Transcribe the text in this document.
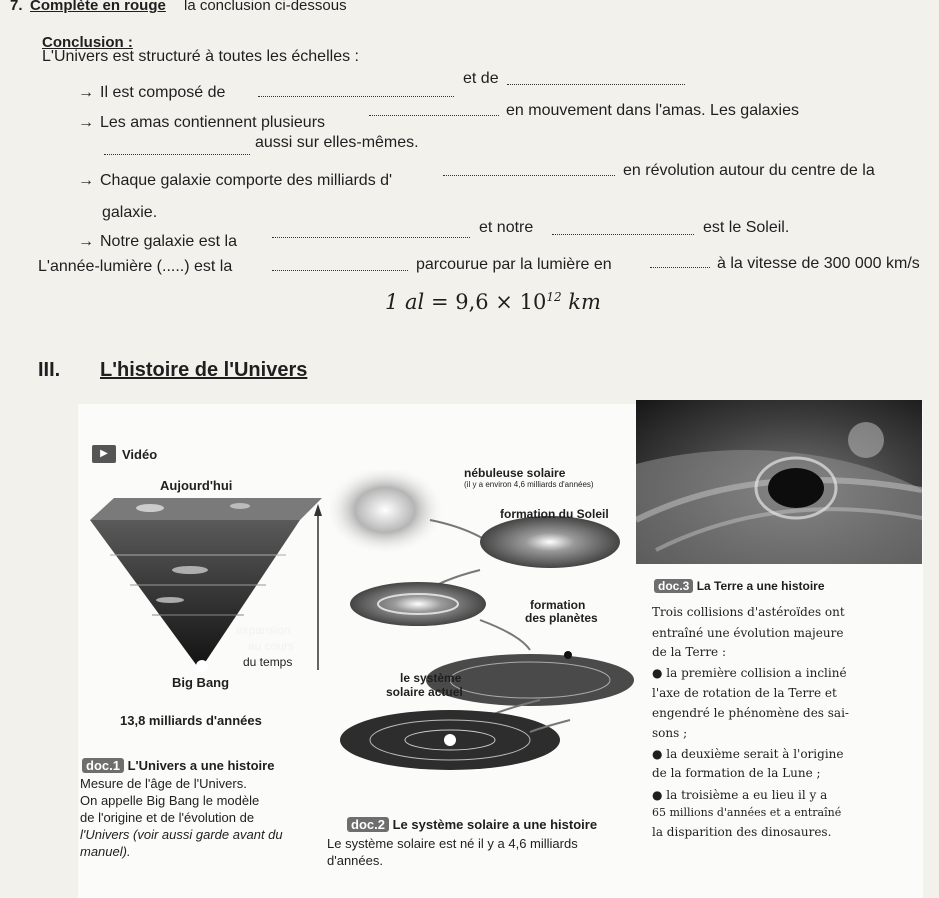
7. Complète en rouge la conclusion ci-dessous
Conclusion :
L'Univers est structuré à toutes les échelles :
→ Il est composé de
et de
→ Les amas contiennent plusieurs
en mouvement dans l'amas. Les galaxies
aussi sur elles-mêmes.
→ Chaque galaxie comporte des milliards d'
en révolution autour du centre de la
galaxie.
→ Notre galaxie est la
et notre	est le Soleil.
L'année-lumière (.....) est la	parcourue par la lumière en	à la vitesse de 300 000 km/s
1 al = $9,6 \times 10^{12}$ km
III. L'histoire de l'Univers
▶	Vidéo
Aujourd'hui
expansion
au cours
du temps
Big Bang
13,8 milliards d'années
doc.1 L'Univers a une histoire
Mesure de l'âge de l'Univers.
On appelle Big Bang le modèle
de l'origine et de l'évolution de
l'Univers (voir aussi garde avant du
manuel).
nébuleuse solaire
(il y a environ 4,6 milliards d'années)
formation du Soleil
formation
des planètes
le système
solaire actuel
doc.2 Le système solaire a une histoire
Le système solaire est né il y a 4,6 milliards
d'années.
doc.3 La Terre a une histoire
Trois collisions d'astéroïdes ont
entraîné une évolution majeure
de la Terre :
● la première collision a incliné
l'axe de rotation de la Terre et
engendré le phénomène des sai-
sons ;
● la deuxième serait à l'origine
de la formation de la Lune ;
● la troisième a eu lieu il y a
65 millions d'années et a entraîné
la disparition des dinosaures.
